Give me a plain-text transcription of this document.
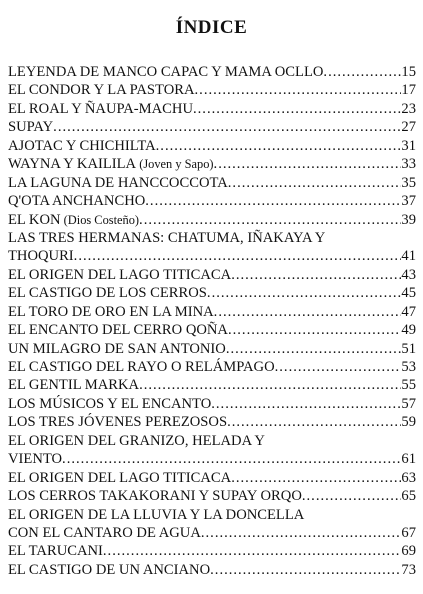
ÍNDICE
LEYENDA DE MANCO CAPAC Y MAMA OCLLO .....	15
EL CONDOR Y LA PASTORA .....	17
EL ROAL Y ÑAUPA-MACHU .....	23
SUPAY .....	27
AJOTAC Y CHICHILTA .....	31
WAYNA Y KAILILA (Joven y Sapo) .....	33
LA LAGUNA DE HANCCOCCOTA .....	35
Q'OTA ANCHANCHO .....	37
EL KON (Dios Costeño) .....	39
LAS TRES HERMANAS: CHATUMA, IÑAKAYA Y
THOQURI .....	41
EL ORIGEN DEL LAGO TITICACA .....	43
EL CASTIGO DE LOS CERROS .....	45
EL TORO DE ORO EN LA MINA .....	47
EL ENCANTO DEL CERRO QOÑA .....	49
UN MILAGRO DE SAN ANTONIO .....	51
EL CASTIGO DEL RAYO O RELÁMPAGO .....	53
EL GENTIL MARKA .....	55
LOS MÚSICOS Y EL ENCANTO .....	57
LOS TRES JÓVENES PEREZOSOS .....	59
EL ORIGEN DEL GRANIZO, HELADA Y
VIENTO .....	61
EL ORIGEN DEL LAGO TITICACA .....	63
LOS CERROS TAKAKORANI Y SUPAY ORQO .....	65
EL ORIGEN DE LA LLUVIA Y LA DONCELLA
CON EL CANTARO DE AGUA .....	67
EL TARUCANI .....	69
EL CASTIGO DE UN ANCIANO .....	73
